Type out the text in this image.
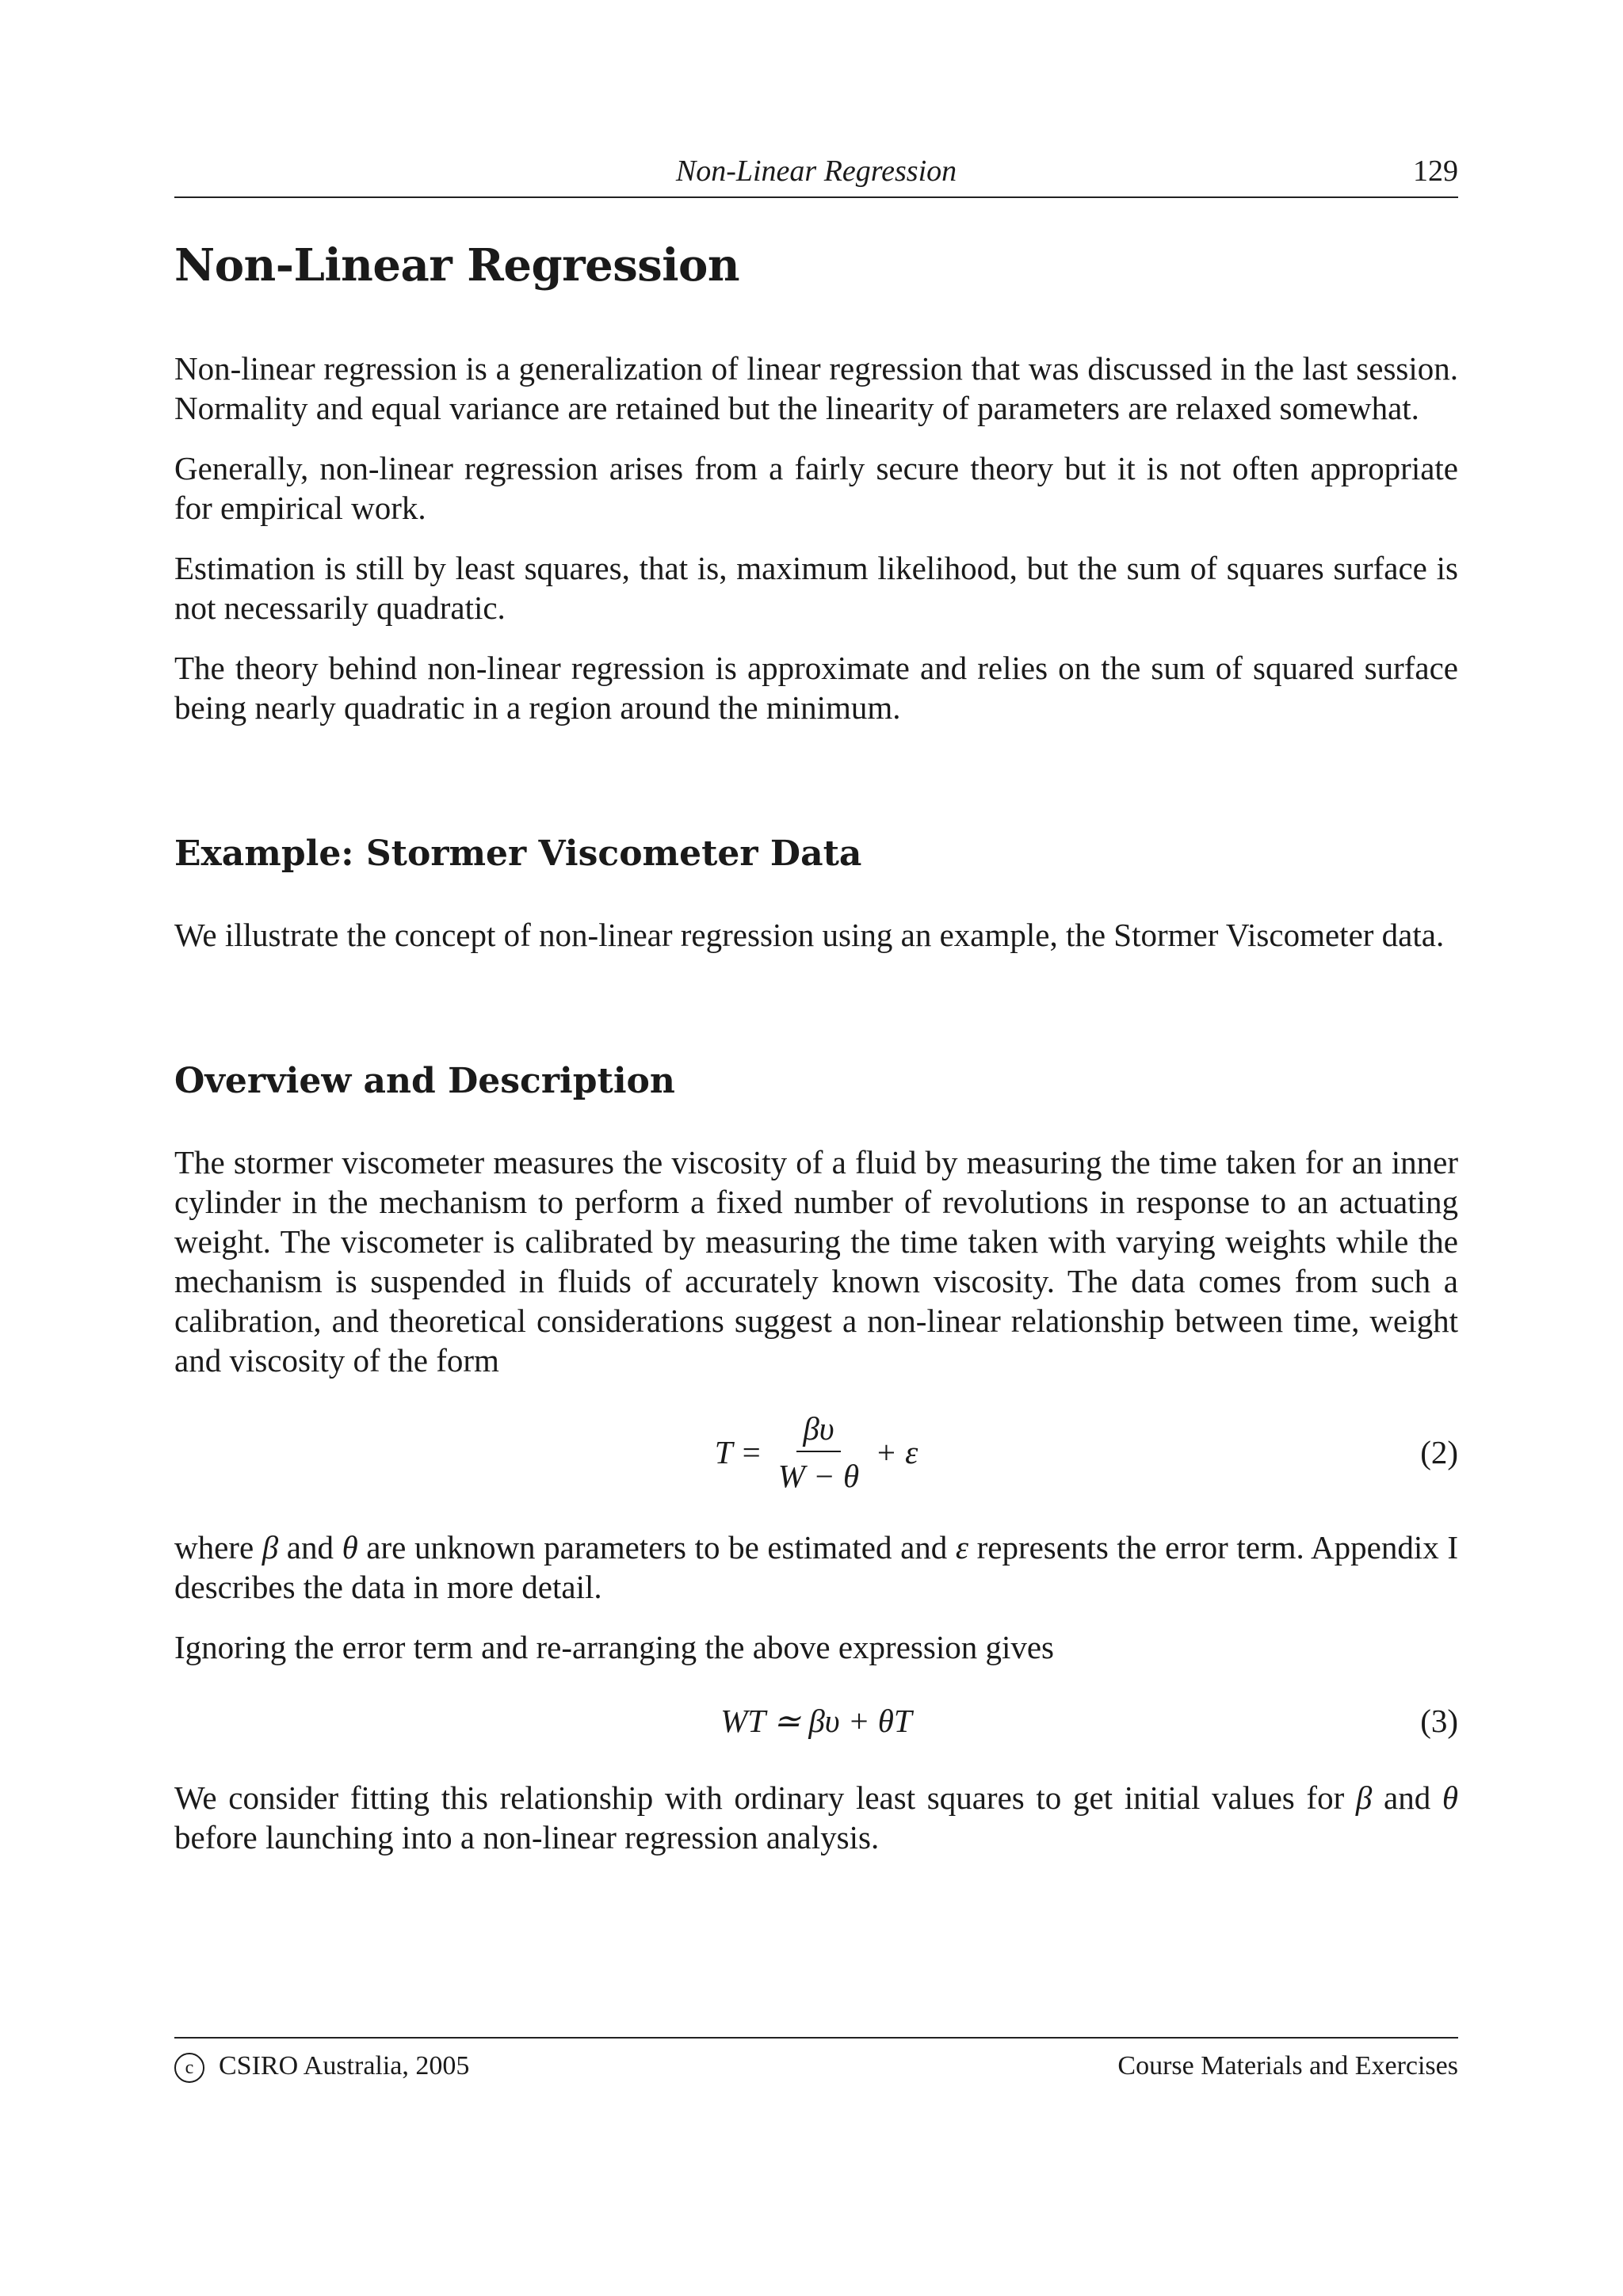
Non-Linear Regression	129
Non-Linear Regression

Non-linear regression is a generalization of linear regression that was discussed in the last session. Normality and equal variance are retained but the linearity of parameters are relaxed somewhat.

Generally, non-linear regression arises from a fairly secure theory but it is not often appropriate for empirical work.

Estimation is still by least squares, that is, maximum likelihood, but the sum of squares surface is not necessarily quadratic.

The theory behind non-linear regression is approximate and relies on the sum of squared surface being nearly quadratic in a region around the minimum.

Example: Stormer Viscometer Data

We illustrate the concept of non-linear regression using an example, the Stormer Viscometer data.

Overview and Description

The stormer viscometer measures the viscosity of a fluid by measuring the time taken for an inner cylinder in the mechanism to perform a fixed number of revolutions in response to an actuating weight. The viscometer is calibrated by measuring the time taken with varying weights while the mechanism is suspended in fluids of accurately known viscosity. The data comes from such a calibration, and theoretical considerations suggest a non-linear relationship between time, weight and viscosity of the form

$T = \frac{\beta\upsilon}{W - \theta} + \varepsilon$	(2)

where β and θ are unknown parameters to be estimated and ε represents the error term. Appendix I describes the data in more detail.

Ignoring the error term and re-arranging the above expression gives

WT ≃ βυ + θT	(3)

We consider fitting this relationship with ordinary least squares to get initial values for β and θ before launching into a non-linear regression analysis.

c CSIRO Australia, 2005	Course Materials and Exercises
